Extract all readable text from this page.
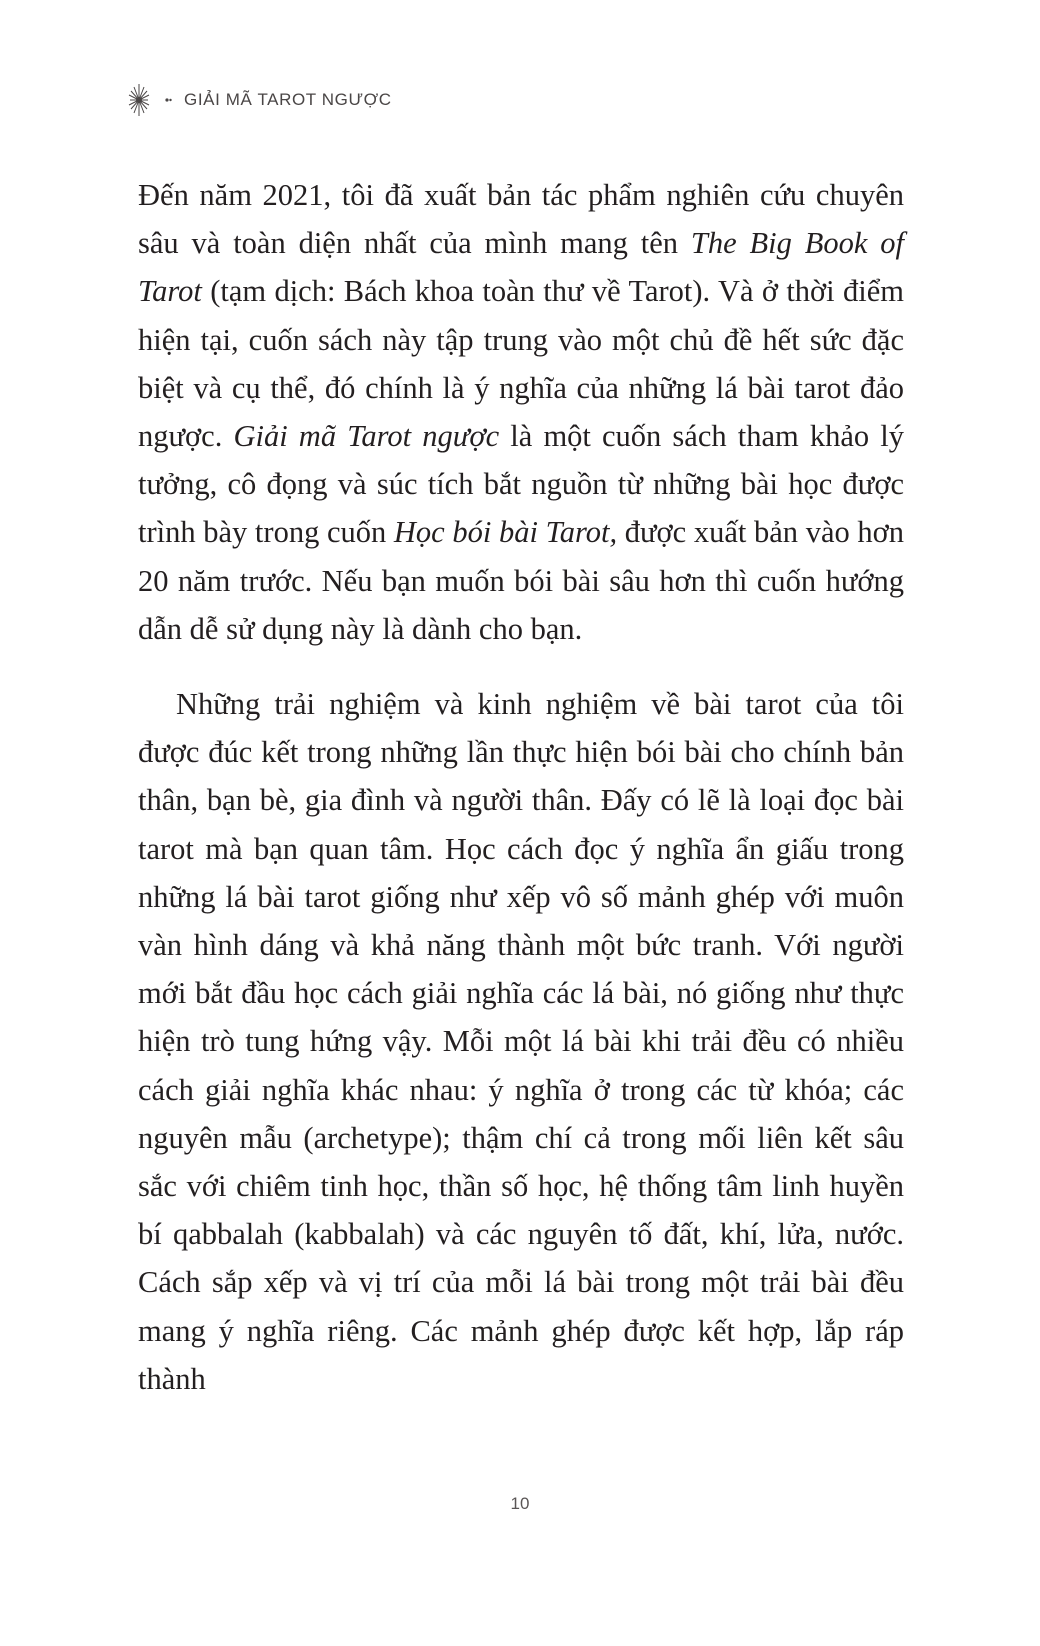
GIẢI MÃ TAROT NGƯỢC

Đến năm 2021, tôi đã xuất bản tác phẩm nghiên cứu chuyên sâu và toàn diện nhất của mình mang tên The Big Book of Tarot (tạm dịch: Bách khoa toàn thư về Tarot). Và ở thời điểm hiện tại, cuốn sách này tập trung vào một chủ đề hết sức đặc biệt và cụ thể, đó chính là ý nghĩa của những lá bài tarot đảo ngược. Giải mã Tarot ngược là một cuốn sách tham khảo lý tưởng, cô đọng và súc tích bắt nguồn từ những bài học được trình bày trong cuốn Học bói bài Tarot, được xuất bản vào hơn 20 năm trước. Nếu bạn muốn bói bài sâu hơn thì cuốn hướng dẫn dễ sử dụng này là dành cho bạn.

Những trải nghiệm và kinh nghiệm về bài tarot của tôi được đúc kết trong những lần thực hiện bói bài cho chính bản thân, bạn bè, gia đình và người thân. Đấy có lẽ là loại đọc bài tarot mà bạn quan tâm. Học cách đọc ý nghĩa ẩn giấu trong những lá bài tarot giống như xếp vô số mảnh ghép với muôn vàn hình dáng và khả năng thành một bức tranh. Với người mới bắt đầu học cách giải nghĩa các lá bài, nó giống như thực hiện trò tung hứng vậy. Mỗi một lá bài khi trải đều có nhiều cách giải nghĩa khác nhau: ý nghĩa ở trong các từ khóa; các nguyên mẫu (archetype); thậm chí cả trong mối liên kết sâu sắc với chiêm tinh học, thần số học, hệ thống tâm linh huyền bí qabbalah (kabbalah) và các nguyên tố đất, khí, lửa, nước. Cách sắp xếp và vị trí của mỗi lá bài trong một trải bài đều mang ý nghĩa riêng. Các mảnh ghép được kết hợp, lắp ráp thành

10
